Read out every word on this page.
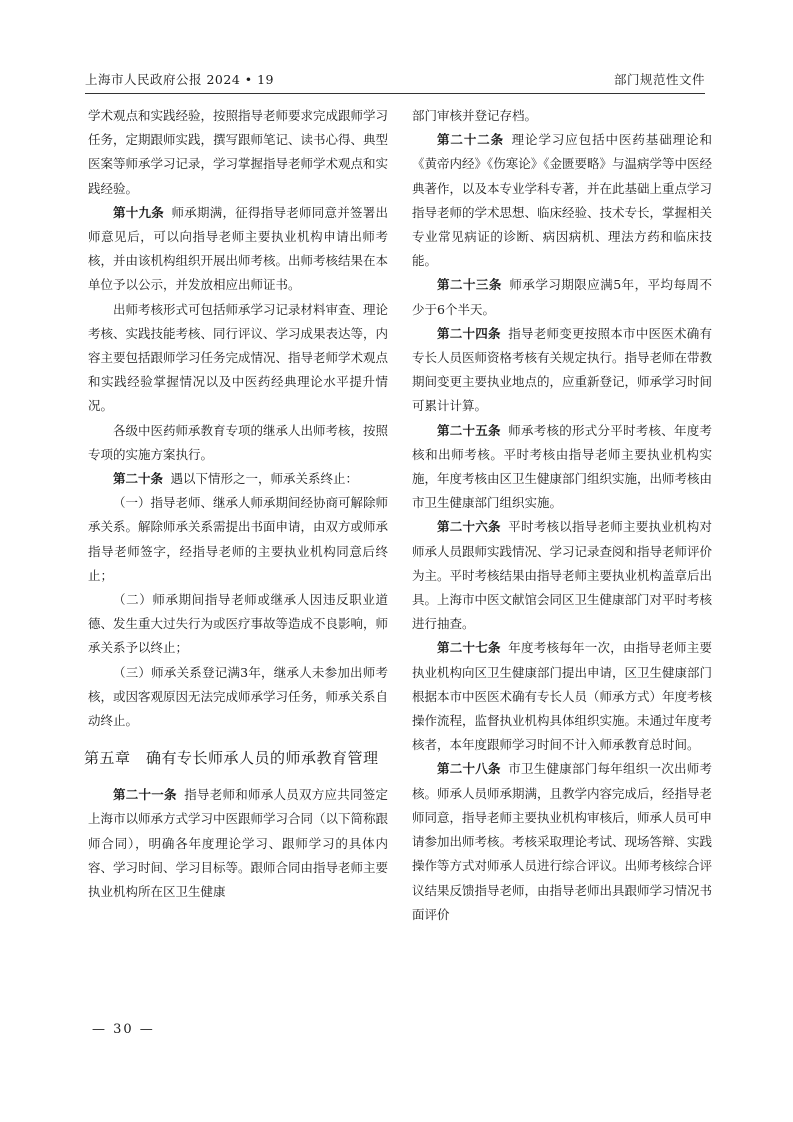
上海市人民政府公报 2024 • 19	部门规范性文件

学术观点和实践经验，按照指导老师要求完成跟师学习任务，定期跟师实践，撰写跟师笔记、读书心得、典型医案等师承学习记录，学习掌握指导老师学术观点和实践经验。

第十九条 师承期满，征得指导老师同意并签署出师意见后，可以向指导老师主要执业机构申请出师考核，并由该机构组织开展出师考核。出师考核结果在本单位予以公示，并发放相应出师证书。

出师考核形式可包括师承学习记录材料审查、理论考核、实践技能考核、同行评议、学习成果表达等，内容主要包括跟师学习任务完成情况、指导老师学术观点和实践经验掌握情况以及中医药经典理论水平提升情况。

各级中医药师承教育专项的继承人出师考核，按照专项的实施方案执行。

第二十条 遇以下情形之一，师承关系终止：

（一）指导老师、继承人师承期间经协商可解除师承关系。解除师承关系需提出书面申请，由双方或师承指导老师签字，经指导老师的主要执业机构同意后终止；

（二）师承期间指导老师或继承人因违反职业道德、发生重大过失行为或医疗事故等造成不良影响，师承关系予以终止；

（三）师承关系登记满3年，继承人未参加出师考核，或因客观原因无法完成师承学习任务，师承关系自动终止。

第五章　确有专长师承人员的师承教育管理

第二十一条 指导老师和师承人员双方应共同签定上海市以师承方式学习中医跟师学习合同（以下简称跟师合同），明确各年度理论学习、跟师学习的具体内容、学习时间、学习目标等。跟师合同由指导老师主要执业机构所在区卫生健康

部门审核并登记存档。

第二十二条 理论学习应包括中医药基础理论和《黄帝内经》《伤寒论》《金匮要略》与温病学等中医经典著作，以及本专业学科专著，并在此基础上重点学习指导老师的学术思想、临床经验、技术专长，掌握相关专业常见病证的诊断、病因病机、理法方药和临床技能。

第二十三条 师承学习期限应满5年，平均每周不少于6个半天。

第二十四条 指导老师变更按照本市中医医术确有专长人员医师资格考核有关规定执行。指导老师在带教期间变更主要执业地点的，应重新登记，师承学习时间可累计计算。

第二十五条 师承考核的形式分平时考核、年度考核和出师考核。平时考核由指导老师主要执业机构实施，年度考核由区卫生健康部门组织实施，出师考核由市卫生健康部门组织实施。

第二十六条 平时考核以指导老师主要执业机构对师承人员跟师实践情况、学习记录查阅和指导老师评价为主。平时考核结果由指导老师主要执业机构盖章后出具。上海市中医文献馆会同区卫生健康部门对平时考核进行抽查。

第二十七条 年度考核每年一次，由指导老师主要执业机构向区卫生健康部门提出申请，区卫生健康部门根据本市中医医术确有专长人员（师承方式）年度考核操作流程，监督执业机构具体组织实施。未通过年度考核者，本年度跟师学习时间不计入师承教育总时间。

第二十八条 市卫生健康部门每年组织一次出师考核。师承人员师承期满，且教学内容完成后，经指导老师同意，指导老师主要执业机构审核后，师承人员可申请参加出师考核。考核采取理论考试、现场答辩、实践操作等方式对师承人员进行综合评议。出师考核综合评议结果反馈指导老师，由指导老师出具跟师学习情况书面评价

— 30 —
